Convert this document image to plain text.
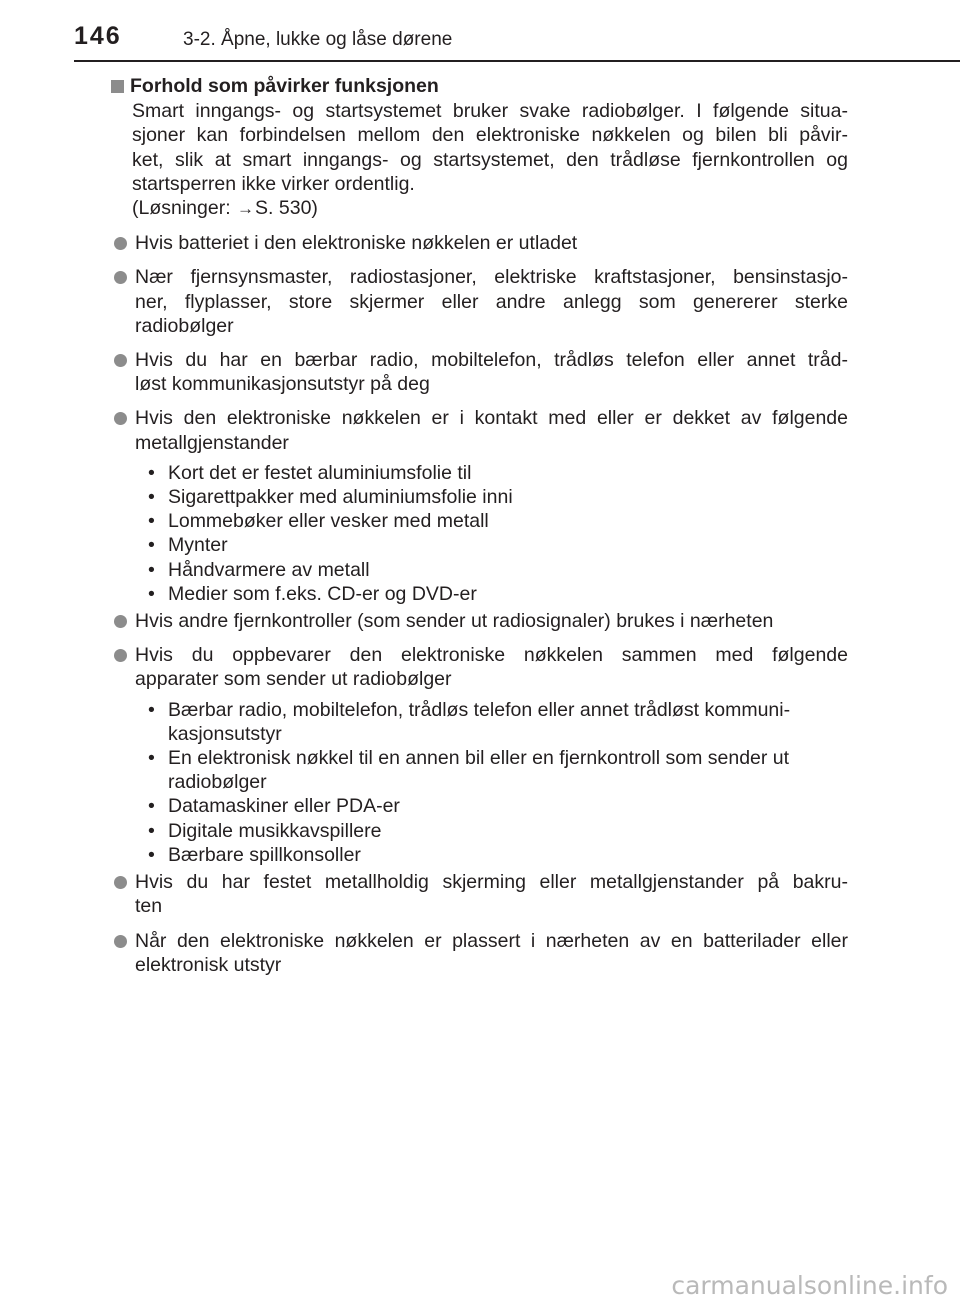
146	3-2. Åpne, lukke og låse dørene
Forhold som påvirker funksjonen
Smart inngangs- og startsystemet bruker svake radiobølger. I følgende situa-
sjoner kan forbindelsen mellom den elektroniske nøkkelen og bilen bli påvir-
ket, slik at smart inngangs- og startsystemet, den trådløse fjernkontrollen og
startsperren ikke virker ordentlig.
(Løsninger: →S. 530)
Hvis batteriet i den elektroniske nøkkelen er utladet
Nær fjernsynsmaster, radiostasjoner, elektriske kraftstasjoner, bensinstasjo-
ner, flyplasser, store skjermer eller andre anlegg som genererer sterke
radiobølger
Hvis du har en bærbar radio, mobiltelefon, trådløs telefon eller annet tråd-
løst kommunikasjonsutstyr på deg
Hvis den elektroniske nøkkelen er i kontakt med eller er dekket av følgende
metallgjenstander
• Kort det er festet aluminiumsfolie til
• Sigarettpakker med aluminiumsfolie inni
• Lommebøker eller vesker med metall
• Mynter
• Håndvarmere av metall
• Medier som f.eks. CD-er og DVD-er
Hvis andre fjernkontroller (som sender ut radiosignaler) brukes i nærheten
Hvis du oppbevarer den elektroniske nøkkelen sammen med følgende
apparater som sender ut radiobølger
• Bærbar radio, mobiltelefon, trådløs telefon eller annet trådløst kommuni-
kasjonsutstyr
• En elektronisk nøkkel til en annen bil eller en fjernkontroll som sender ut
radiobølger
• Datamaskiner eller PDA-er
• Digitale musikkavspillere
• Bærbare spillkonsoller
Hvis du har festet metallholdig skjerming eller metallgjenstander på bakru-
ten
Når den elektroniske nøkkelen er plassert i nærheten av en batterilader eller
elektronisk utstyr
carmanualsonline.info
